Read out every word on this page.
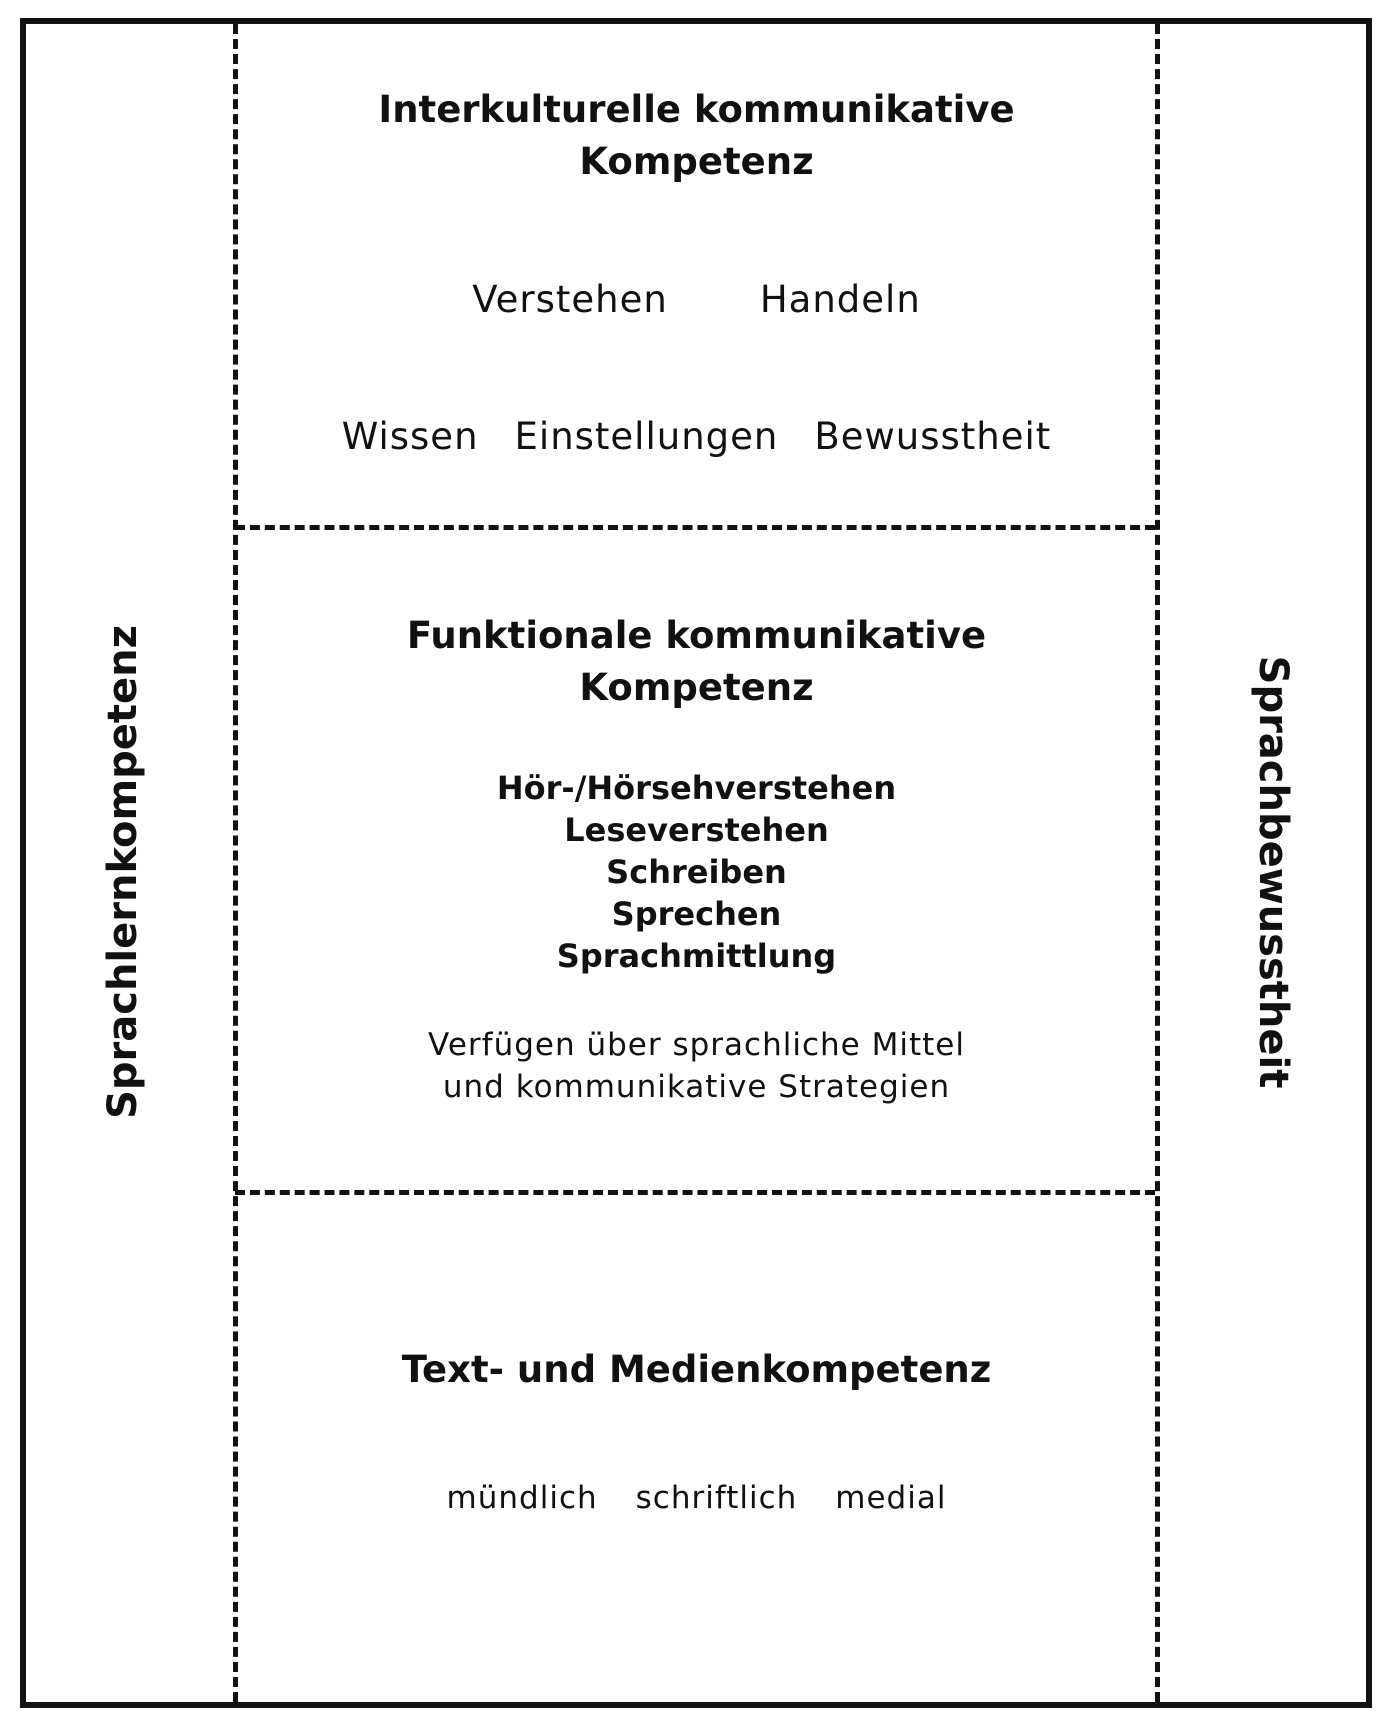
Sprachlernkompetenz	Sprachbewusstheit
Interkulturelle kommunikative
Kompetenz
Verstehen Handeln
Wissen Einstellungen Bewusstheit
Funktionale kommunikative
Kompetenz
Hör-/Hörsehverstehen
Leseverstehen
Schreiben
Sprechen
Sprachmittlung
Verfügen über sprachliche Mittel
und kommunikative Strategien
Text- und Medienkompetenz
mündlich schriftlich medial
